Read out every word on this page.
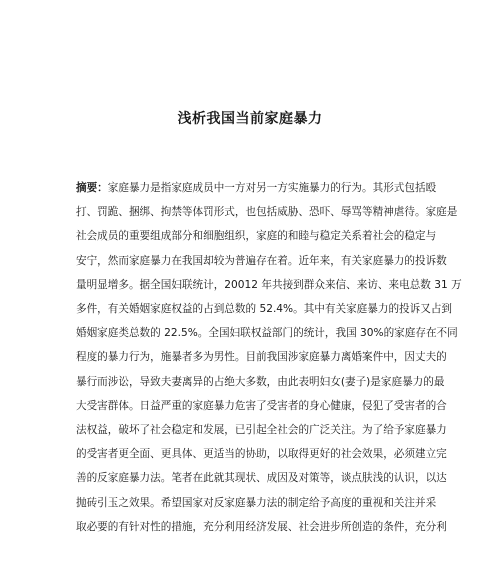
浅析我国当前家庭暴力
摘要：家庭暴力是指家庭成员中一方对另一方实施暴力的行为。其形式包括殴
打、罚跪、捆绑、拘禁等体罚形式，也包括威胁、恐吓、辱骂等精神虐待。家庭是
社会成员的重要组成部分和细胞组织，家庭的和睦与稳定关系着社会的稳定与
安宁，然而家庭暴力在我国却较为普遍存在着。近年来，有关家庭暴力的投诉数
量明显增多。据全国妇联统计，20012 年共接到群众来信、来访、来电总数 31 万
多件，有关婚姻家庭权益的占到总数的 52.4%。其中有关家庭暴力的投诉又占到
婚姻家庭类总数的 22.5%。全国妇联权益部门的统计，我国 30%的家庭存在不同
程度的暴力行为，施暴者多为男性。目前我国涉家庭暴力离婚案件中，因丈夫的
暴行而涉讼，导致夫妻离异的占绝大多数，由此表明妇女(妻子)是家庭暴力的最
大受害群体。日益严重的家庭暴力危害了受害者的身心健康，侵犯了受害者的合
法权益，破坏了社会稳定和发展，已引起全社会的广泛关注。为了给予家庭暴力
的受害者更全面、更具体、更适当的协助，以取得更好的社会效果，必须建立完
善的反家庭暴力法。笔者在此就其现状、成因及对策等，谈点肤浅的认识，以达
抛砖引玉之效果。希望国家对反家庭暴力法的制定给予高度的重视和关注并采
取必要的有针对性的措施，充分利用经济发展、社会进步所创造的条件，充分利
